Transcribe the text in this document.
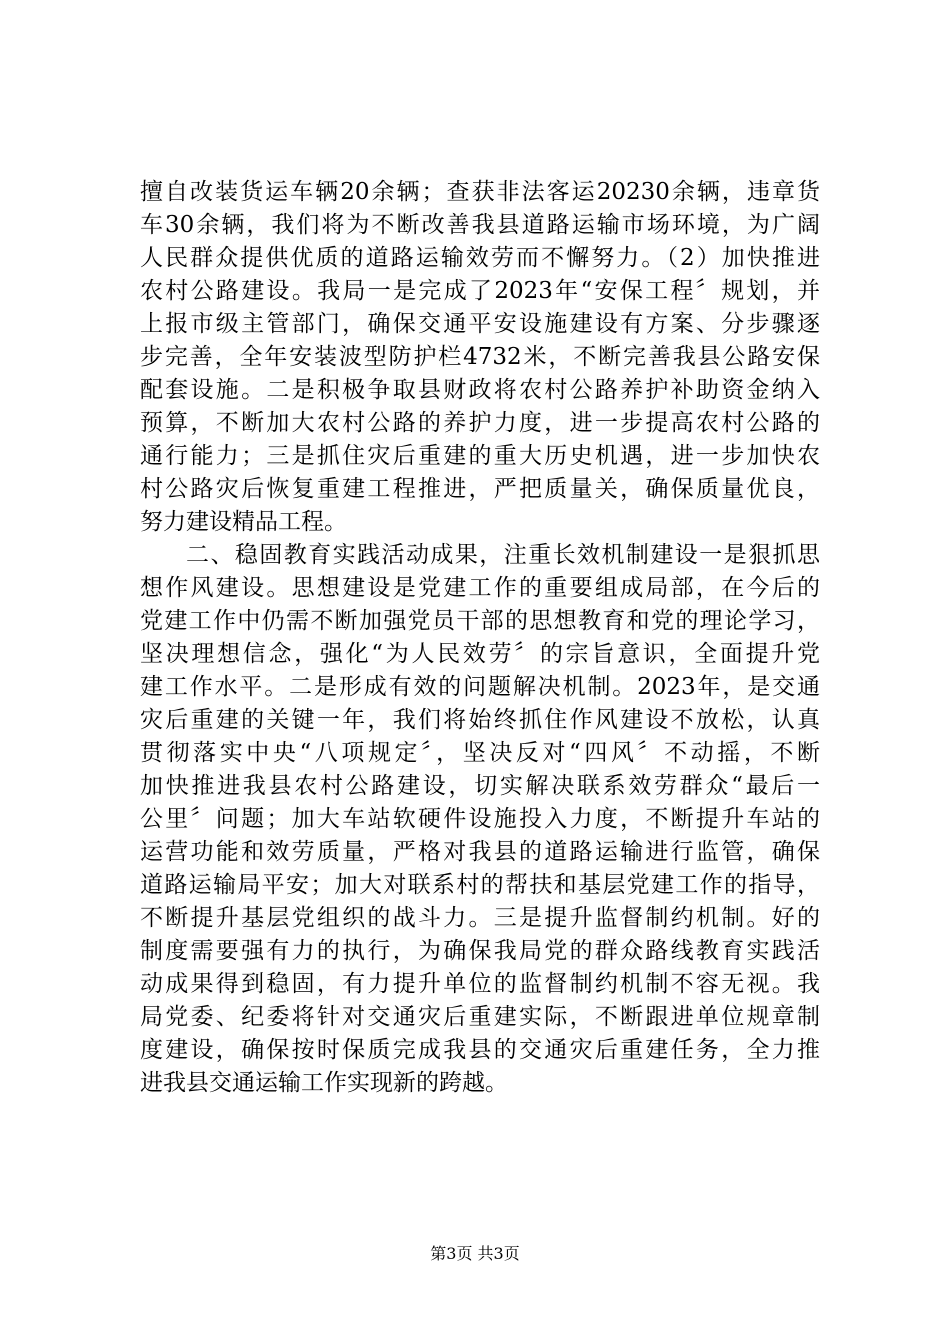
擅自改装货运车辆20余辆；查获非法客运20230余辆，违章货
车30余辆，我们将为不断改善我县道路运输市场环境，为广阔
人民群众提供优质的道路运输效劳而不懈努力。（2）加快推进
农村公路建设。我局一是完成了2023年“安保工程〞规划，并
上报市级主管部门，确保交通平安设施建设有方案、分步骤逐
步完善，全年安装波型防护栏4732米，不断完善我县公路安保
配套设施。二是积极争取县财政将农村公路养护补助资金纳入
预算，不断加大农村公路的养护力度，进一步提高农村公路的
通行能力；三是抓住灾后重建的重大历史机遇，进一步加快农
村公路灾后恢复重建工程推进，严把质量关，确保质量优良，
努力建设精品工程。
二、稳固教育实践活动成果，注重长效机制建设一是狠抓思
想作风建设。思想建设是党建工作的重要组成局部，在今后的
党建工作中仍需不断加强党员干部的思想教育和党的理论学习，
坚决理想信念，强化“为人民效劳〞的宗旨意识，全面提升党
建工作水平。二是形成有效的问题解决机制。2023年，是交通
灾后重建的关键一年，我们将始终抓住作风建设不放松，认真
贯彻落实中央“八项规定〞，坚决反对“四风〞不动摇，不断
加快推进我县农村公路建设，切实解决联系效劳群众“最后一
公里〞问题；加大车站软硬件设施投入力度，不断提升车站的
运营功能和效劳质量，严格对我县的道路运输进行监管，确保
道路运输局平安；加大对联系村的帮扶和基层党建工作的指导，
不断提升基层党组织的战斗力。三是提升监督制约机制。好的
制度需要强有力的执行，为确保我局党的群众路线教育实践活
动成果得到稳固，有力提升单位的监督制约机制不容无视。我
局党委、纪委将针对交通灾后重建实际，不断跟进单位规章制
度建设，确保按时保质完成我县的交通灾后重建任务，全力推
进我县交通运输工作实现新的跨越。
第3页 共3页
